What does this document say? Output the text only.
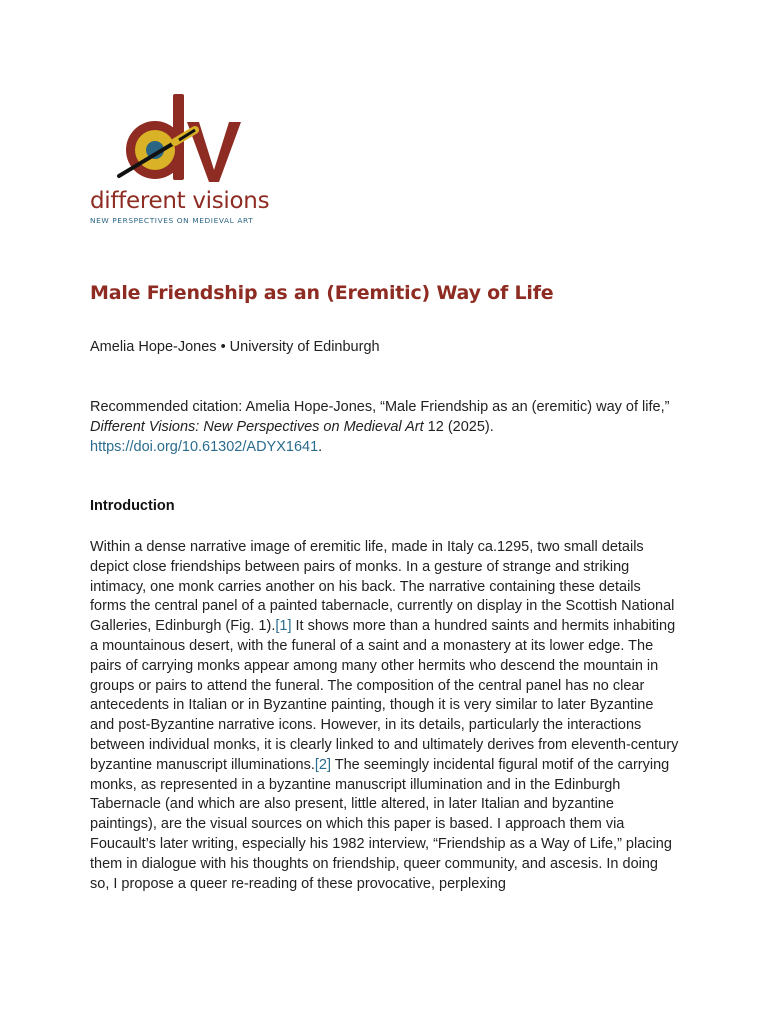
different visions
NEW PERSPECTIVES ON MEDIEVAL ART
Male Friendship as an (Eremitic) Way of Life

Amelia Hope-Jones • University of Edinburgh

Recommended citation: Amelia Hope-Jones, “Male Friendship as an (eremitic) way of life,” Different Visions: New Perspectives on Medieval Art 12 (2025).
https://doi.org/10.61302/ADYX1641.

Introduction

Within a dense narrative image of eremitic life, made in Italy ca.1295, two small details depict close friendships between pairs of monks. In a gesture of strange and striking intimacy, one monk carries another on his back. The narrative containing these details forms the central panel of a painted tabernacle, currently on display in the Scottish National Galleries, Edinburgh (Fig. 1).[1] It shows more than a hundred saints and hermits inhabiting a mountainous desert, with the funeral of a saint and a monastery at its lower edge. The pairs of carrying monks appear among many other hermits who descend the mountain in groups or pairs to attend the funeral. The composition of the central panel has no clear antecedents in Italian or in Byzantine painting, though it is very similar to later Byzantine and post-Byzantine narrative icons. However, in its details, particularly the interactions between individual monks, it is clearly linked to and ultimately derives from eleventh-century byzantine manuscript illuminations.[2] The seemingly incidental figural motif of the carrying monks, as represented in a byzantine manuscript illumination and in the Edinburgh Tabernacle (and which are also present, little altered, in later Italian and byzantine paintings), are the visual sources on which this paper is based. I approach them via Foucault’s later writing, especially his 1982 interview, “Friendship as a Way of Life,” placing them in dialogue with his thoughts on friendship, queer community, and ascesis. In doing so, I propose a queer re-reading of these provocative, perplexing
